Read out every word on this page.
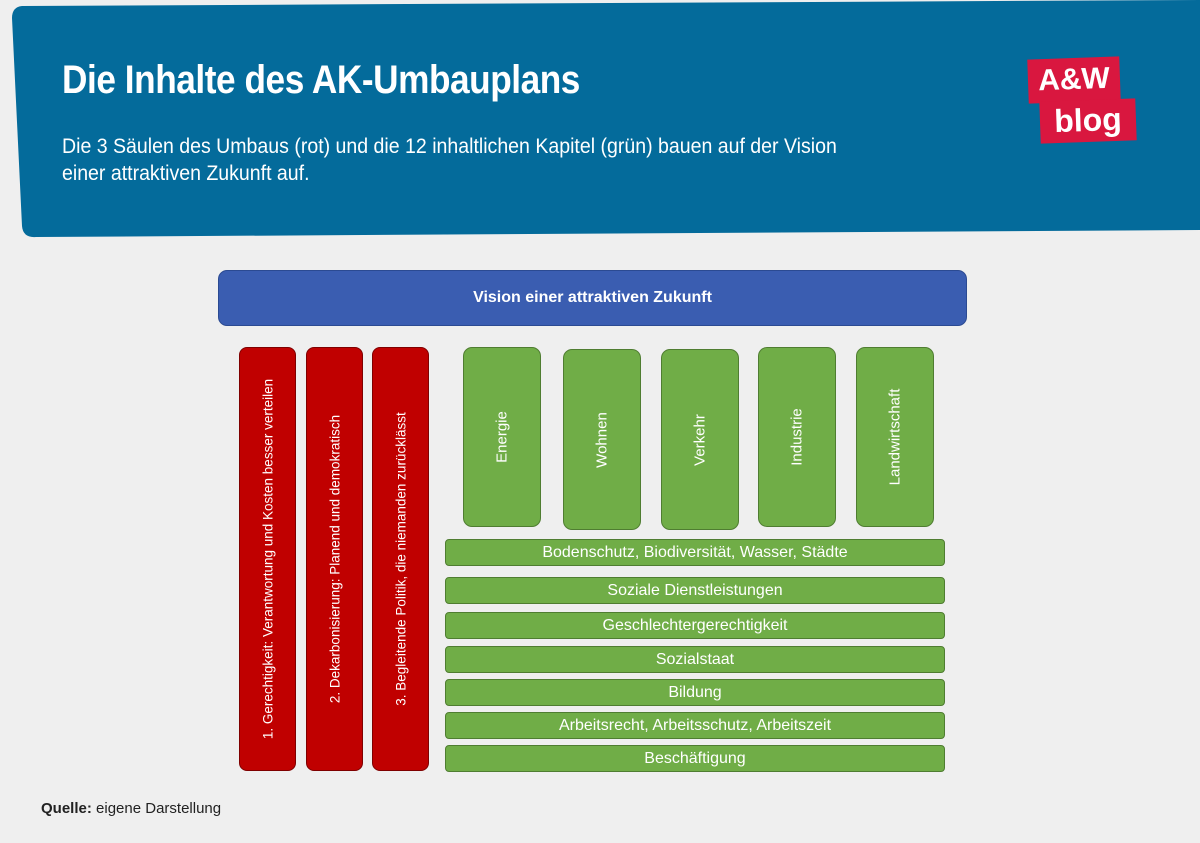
Die Inhalte des AK-Umbauplans
Die 3 Säulen des Umbaus (rot) und die 12 inhaltlichen Kapitel (grün) bauen auf der Vision einer attraktiven Zukunft auf.
A&W
blog
Vision einer attraktiven Zukunft
1. Gerechtigkeit: Verantwortung und Kosten besser verteilen	2. Dekarbonisierung: Planend und demokratisch	3. Begleitende Politik, die niemanden zurücklässt	Energie	Wohnen	Verkehr	Industrie	Landwirtschaft
Bodenschutz, Biodiversität, Wasser, Städte
Soziale Dienstleistungen
Geschlechtergerechtigkeit
Sozialstaat
Bildung
Arbeitsrecht, Arbeitsschutz, Arbeitszeit
Beschäftigung
Quelle: eigene Darstellung
